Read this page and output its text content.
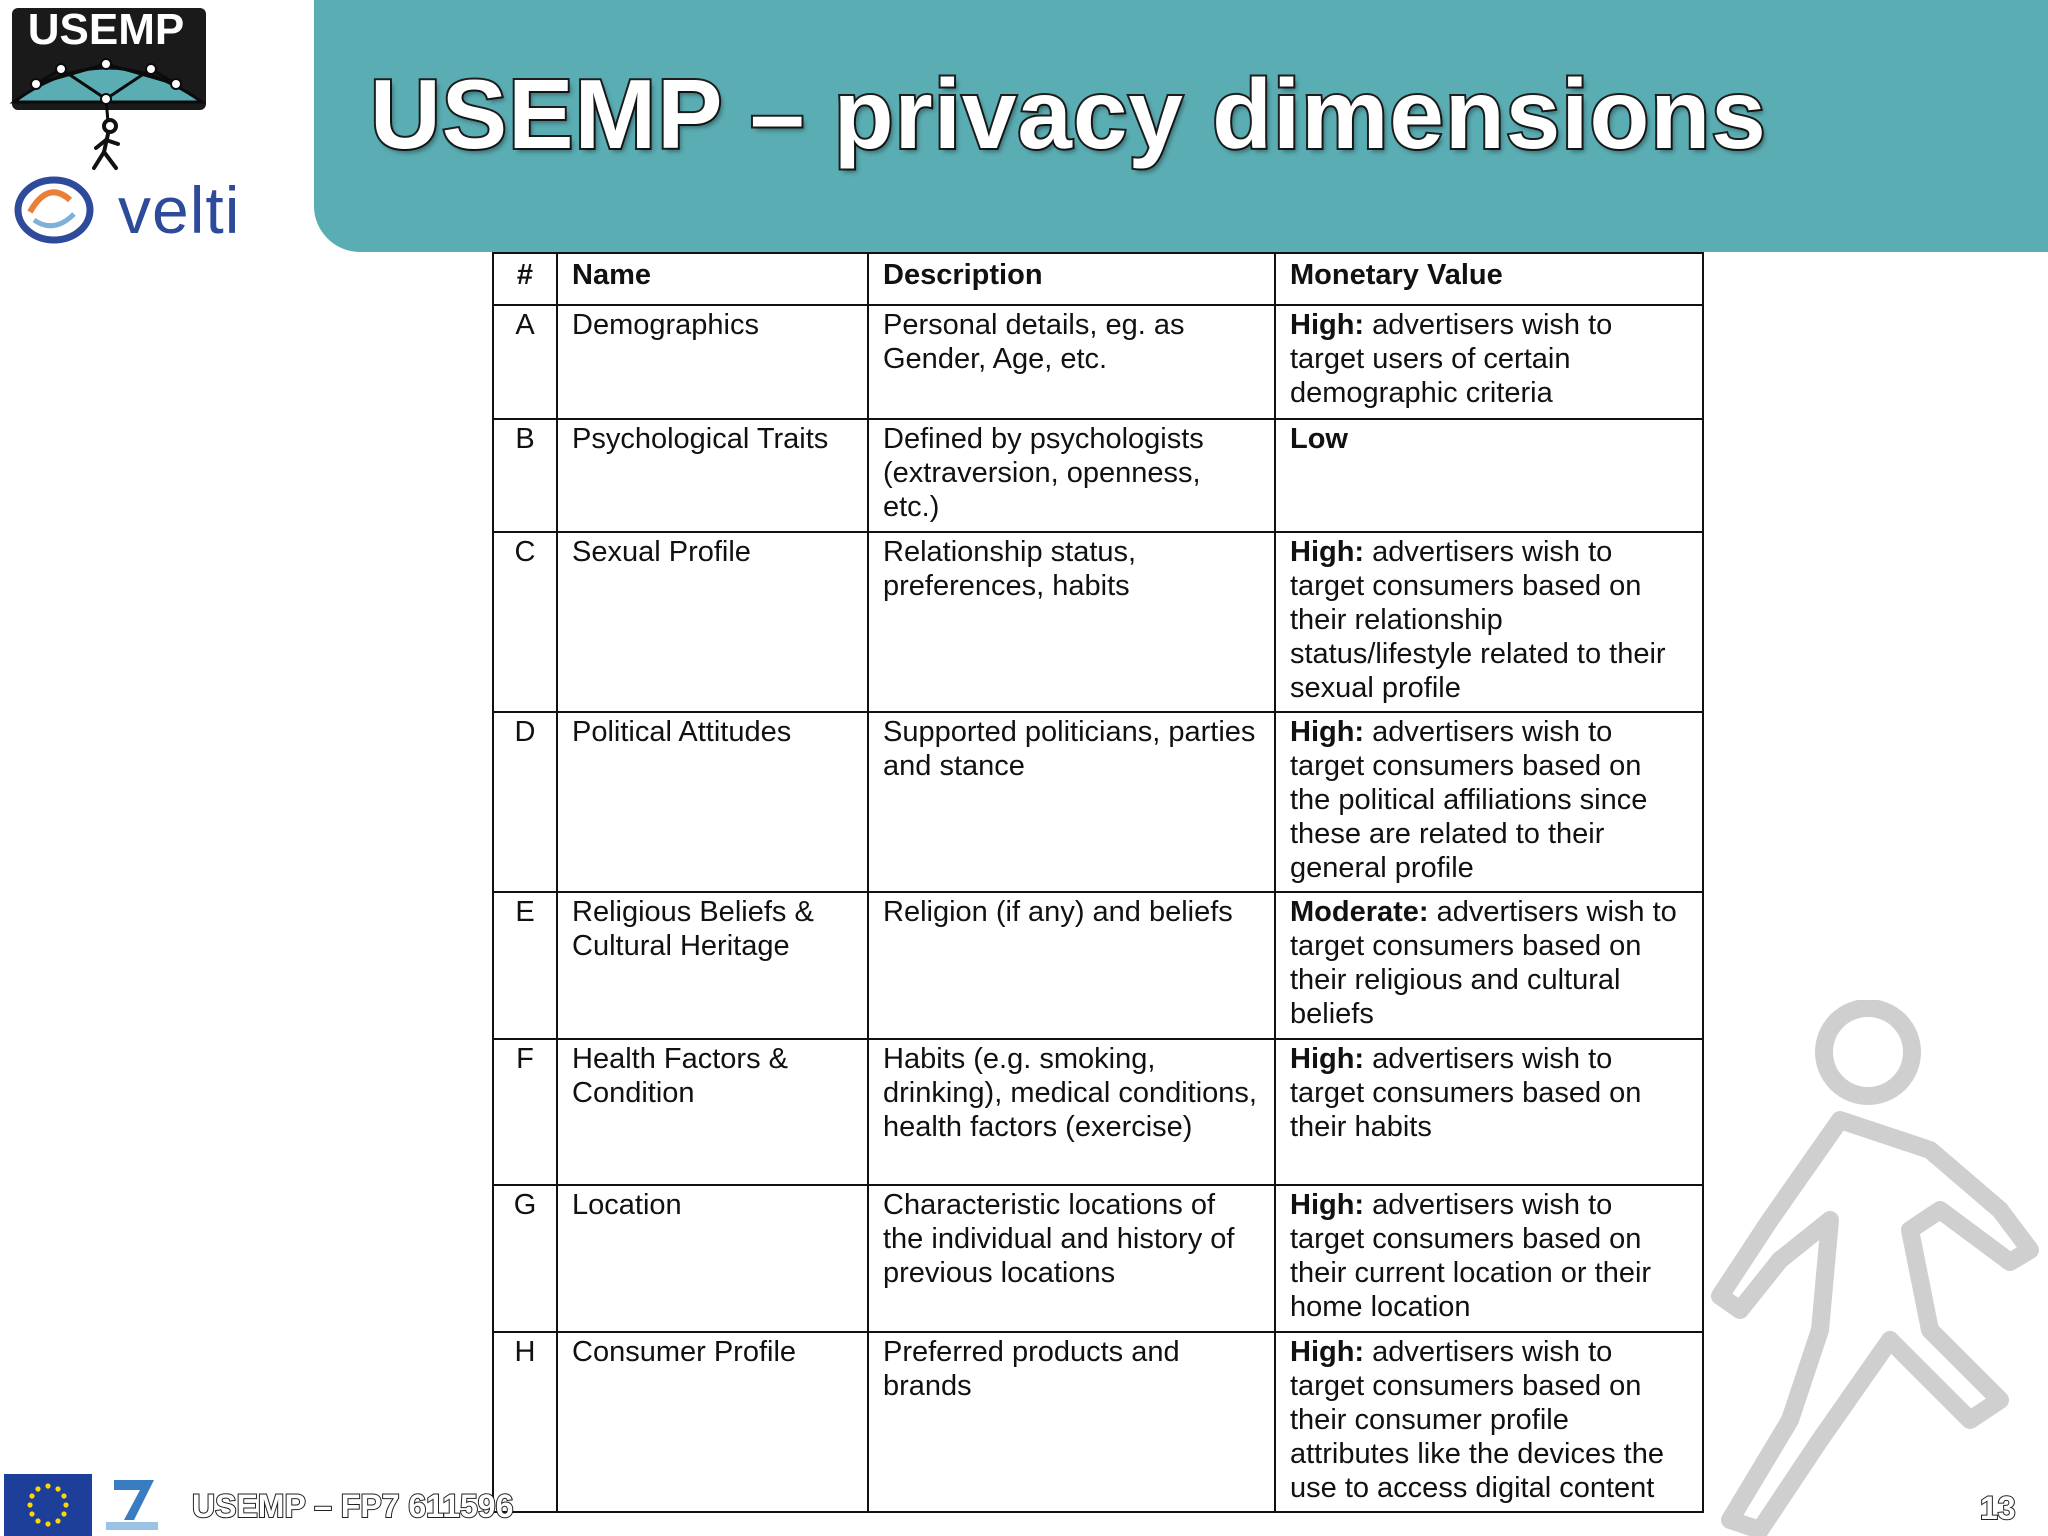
USEMP
velti
USEMP – privacy dimensions
#	Name	Description	Monetary Value
A	Demographics	Personal details, eg. as Gender, Age, etc.	High: advertisers wish to target users of certain demographic criteria
B	Psychological Traits	Defined by psychologists (extraversion, openness, etc.)	Low
C	Sexual Profile	Relationship status, preferences, habits	High: advertisers wish to target consumers based on their relationship status/lifestyle related to their sexual profile
D	Political Attitudes	Supported politicians, parties and stance	High: advertisers wish to target consumers based on the political affiliations since these are related to their general profile
E	Religious Beliefs & Cultural Heritage	Religion (if any) and beliefs	Moderate: advertisers wish to target consumers based on their religious and cultural beliefs
F	Health Factors & Condition	Habits (e.g. smoking, drinking), medical conditions, health factors (exercise)	High: advertisers wish to target consumers based on their habits
G	Location	Characteristic locations of the individual and history of previous locations	High: advertisers wish to target consumers based on their current location or their home location
H	Consumer Profile	Preferred products and brands	High: advertisers wish to target consumers based on their consumer profile attributes like the devices the use to access digital content
USEMP – FP7 611596	13
